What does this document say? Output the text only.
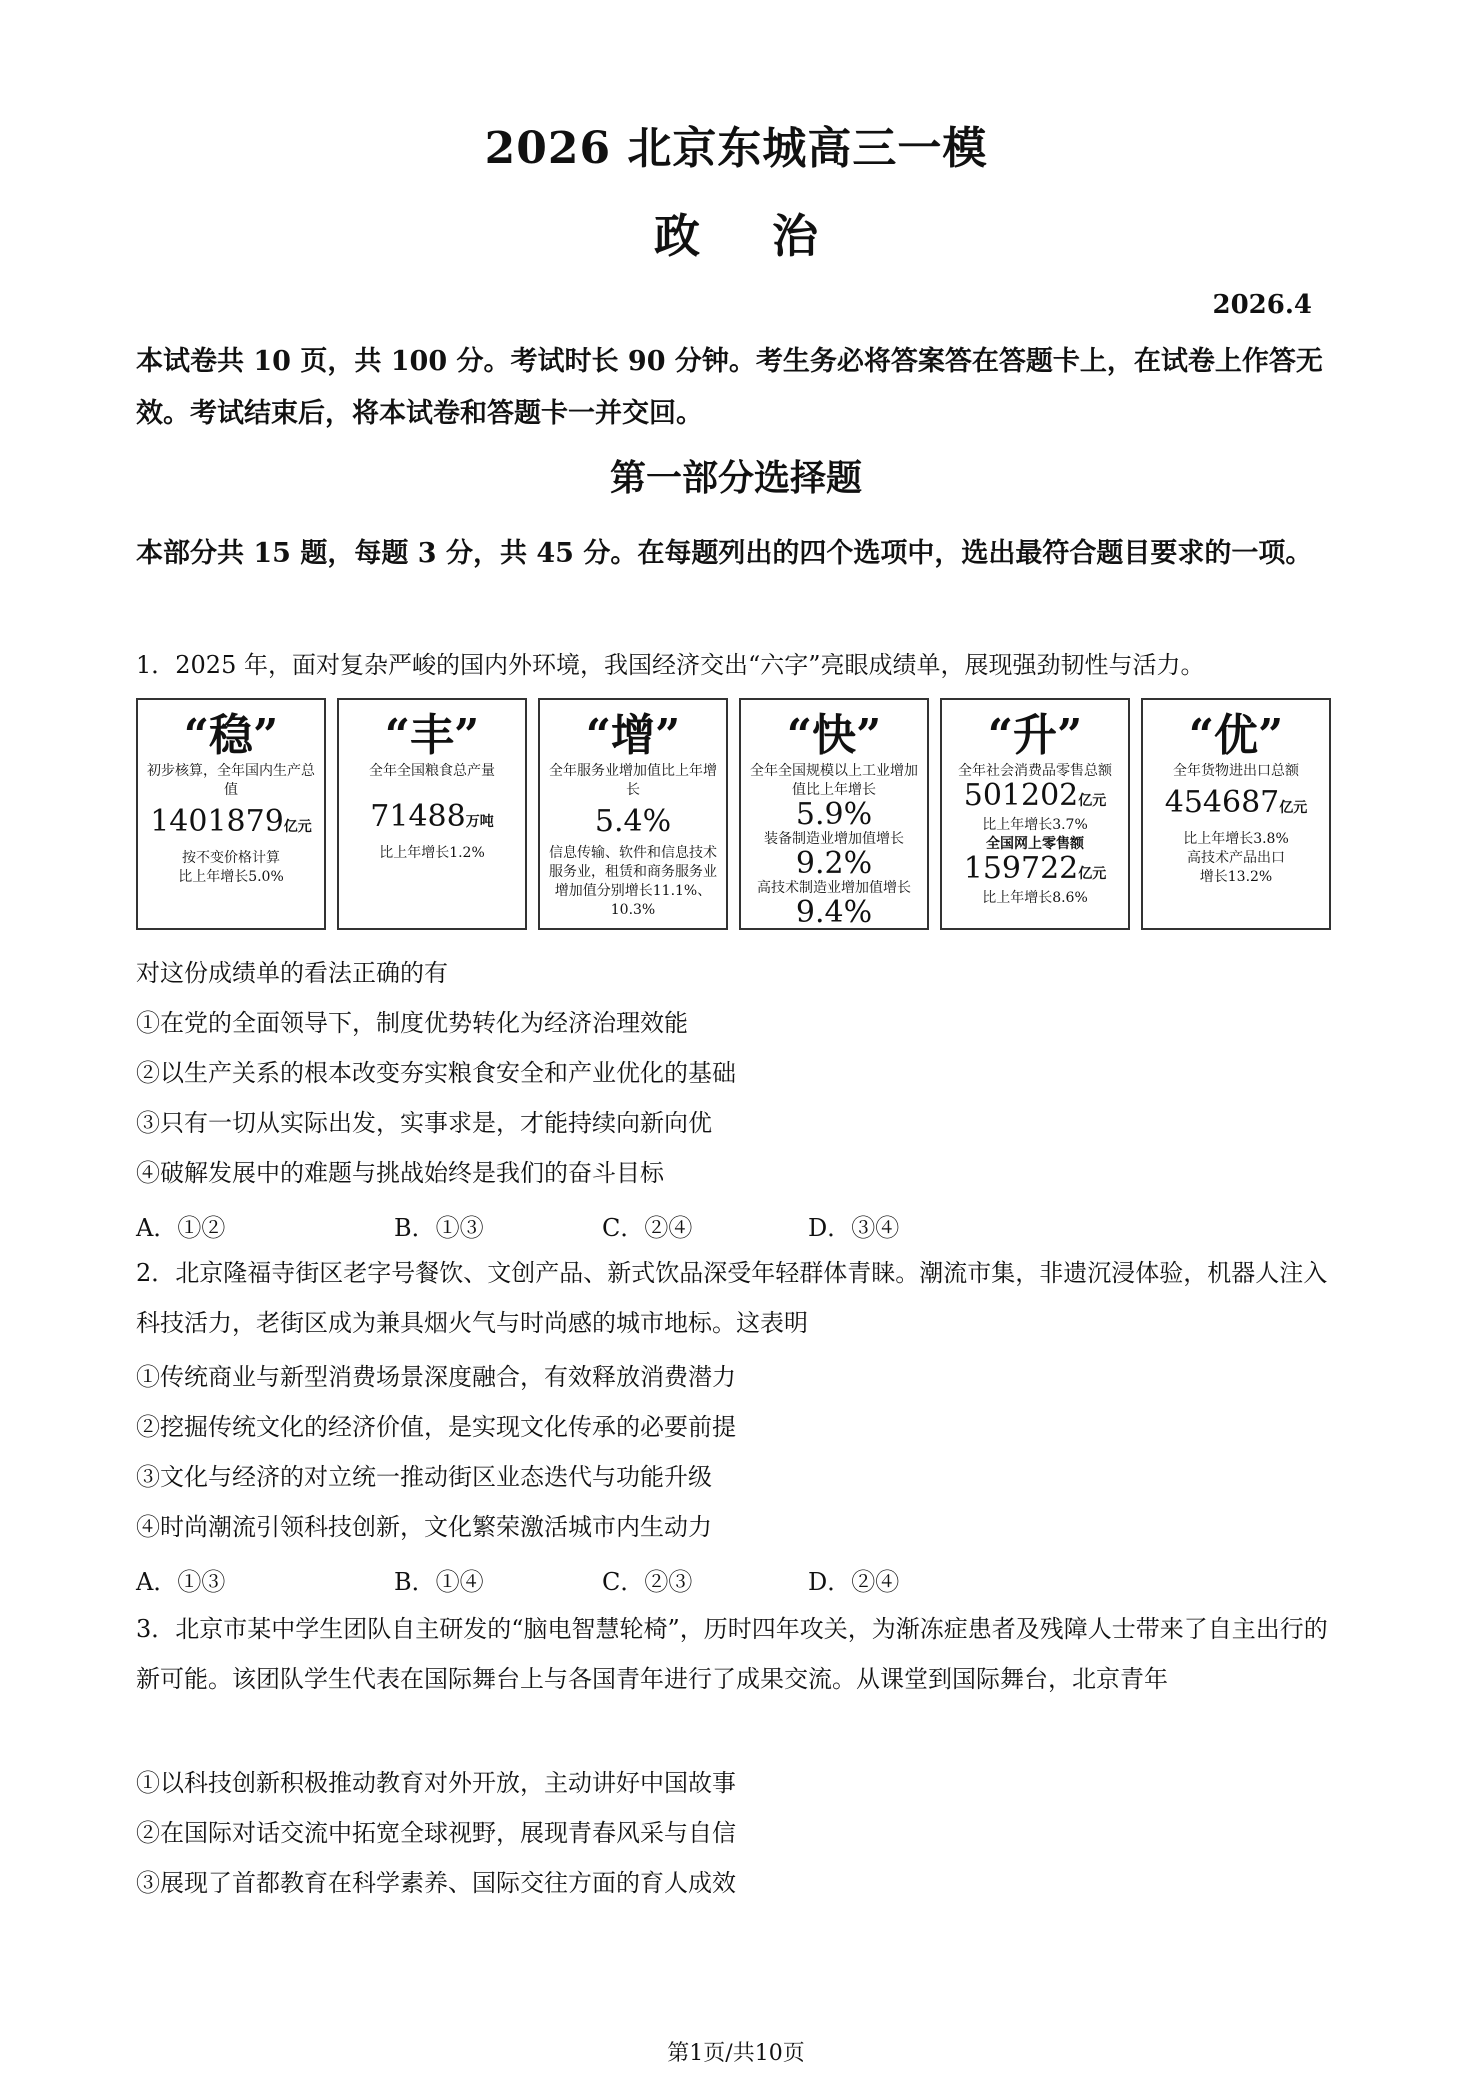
2026 北京东城高三一模
政治
2026.4
本试卷共 10 页，共 100 分。考试时长 90 分钟。考生务必将答案答在答题卡上，在试卷上作答无效。考试结束后，将本试卷和答题卡一并交回。
第一部分选择题
本部分共 15 题，每题 3 分，共 45 分。在每题列出的四个选项中，选出最符合题目要求的一项。
1．2025 年，面对复杂严峻的国内外环境，我国经济交出“六字”亮眼成绩单，展现强劲韧性与活力。
“稳”
初步核算，全年国内生产总值
1401879亿元
按不变价格计算
比上年增长5.0%
“丰”
全年全国粮食总产量
71488万吨
比上年增长1.2%
“增”
全年服务业增加值比上年增长
5.4%
信息传输、软件和信息技术服务业，租赁和商务服务业增加值分别增长11.1%、10.3%
“快”
全年全国规模以上工业增加值比上年增长
5.9%
装备制造业增加值增长
9.2%
高技术制造业增加值增长
9.4%
“升”
全年社会消费品零售总额
501202亿元
比上年增长3.7%
全国网上零售额
159722亿元
比上年增长8.6%
“优”
全年货物进出口总额
454687亿元
比上年增长3.8%
高技术产品出口
增长13.2%
对这份成绩单的看法正确的有
①在党的全面领导下，制度优势转化为经济治理效能
②以生产关系的根本改变夯实粮食安全和产业优化的基础
③只有一切从实际出发，实事求是，才能持续向新向优
④破解发展中的难题与挑战始终是我们的奋斗目标
A．①②	B．①③	C．②④	D．③④
2．北京隆福寺街区老字号餐饮、文创产品、新式饮品深受年轻群体青睐。潮流市集，非遗沉浸体验，机器人注入科技活力，老街区成为兼具烟火气与时尚感的城市地标。这表明
①传统商业与新型消费场景深度融合，有效释放消费潜力
②挖掘传统文化的经济价值，是实现文化传承的必要前提
③文化与经济的对立统一推动街区业态迭代与功能升级
④时尚潮流引领科技创新，文化繁荣激活城市内生动力
A．①③	B．①④	C．②③	D．②④
3．北京市某中学生团队自主研发的“脑电智慧轮椅”，历时四年攻关，为渐冻症患者及残障人士带来了自主出行的新可能。该团队学生代表在国际舞台上与各国青年进行了成果交流。从课堂到国际舞台，北京青年
①以科技创新积极推动教育对外开放，主动讲好中国故事
②在国际对话交流中拓宽全球视野，展现青春风采与自信
③展现了首都教育在科学素养、国际交往方面的育人成效
第1页/共10页
